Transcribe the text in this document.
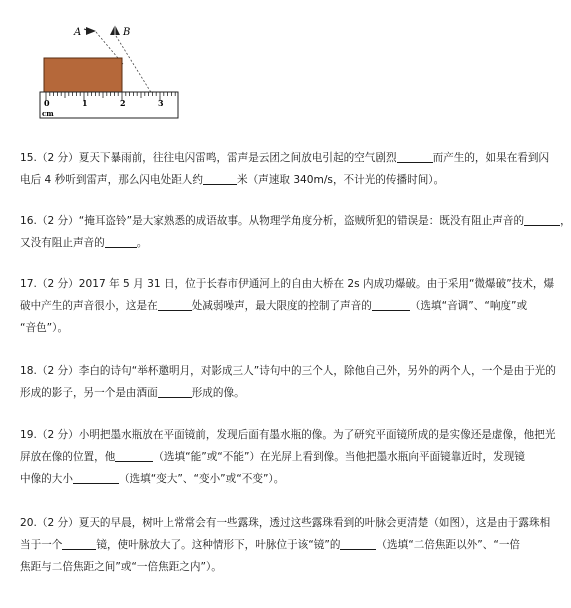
A	B
0	1	2	3
cm
15.（2 分）夏天下暴雨前，往往电闪雷鸣，雷声是云团之间放电引起的空气剧烈	而产生的，如果在看到闪
电后 4 秒听到雷声，那么闪电处距人约	米（声速取 340m/s，不计光的传播时间）。
16.（2 分）“掩耳盗铃”是大家熟悉的成语故事。从物理学角度分析，盗贼所犯的错误是：既没有阻止声音的	，
又没有阻止声音的	。
17.（2 分）2017 年 5 月 31 日，位于长春市伊通河上的自由大桥在 2s 内成功爆破。由于采用“微爆破”技术，爆
破中产生的声音很小，这是在	处减弱噪声，最大限度的控制了声音的	（选填“音调”、“响度”或
“音色”）。
18.（2 分）李白的诗句“举杯邀明月，对影成三人”诗句中的三个人，除他自己外，另外的两个人，一个是由于光的
形成的影子，另一个是由酒面	形成的像。
19.（2 分）小明把墨水瓶放在平面镜前，发现后面有墨水瓶的像。为了研究平面镜所成的是实像还是虚像，他把光
屏放在像的位置，他	（选填“能”或“不能”）在光屏上看到像。当他把墨水瓶向平面镜靠近时，发现镜
中像的大小	（选填“变大”、“变小”或“不变”）。
20.（2 分）夏天的早晨，树叶上常常会有一些露珠，透过这些露珠看到的叶脉会更清楚（如图），这是由于露珠相
当于一个	镜，使叶脉放大了。这种情形下，叶脉位于该“镜”的	（选填“二倍焦距以外”、“一倍
焦距与二倍焦距之间”或“一倍焦距之内”）。
